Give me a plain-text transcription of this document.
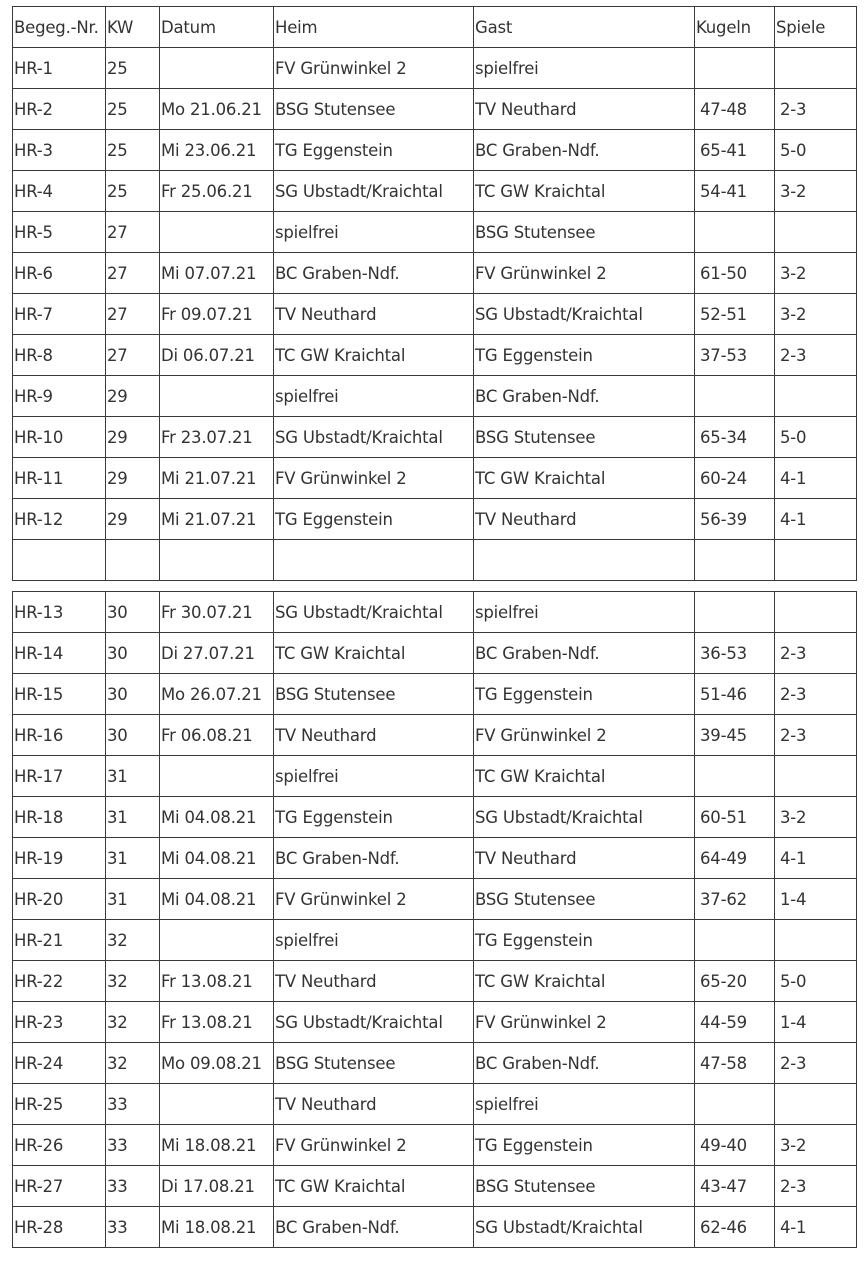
Begeg.-Nr.	KW	Datum	Heim	Gast	Kugeln	Spiele
HR-1	25		FV Grünwinkel 2	spielfrei		
HR-2	25	Mo 21.06.21	BSG Stutensee	TV Neuthard	47-48	2-3
HR-3	25	Mi 23.06.21	TG Eggenstein	BC Graben-Ndf.	65-41	5-0
HR-4	25	Fr 25.06.21	SG Ubstadt/Kraichtal	TC GW Kraichtal	54-41	3-2
HR-5	27		spielfrei	BSG Stutensee		
HR-6	27	Mi 07.07.21	BC Graben-Ndf.	FV Grünwinkel 2	61-50	3-2
HR-7	27	Fr 09.07.21	TV Neuthard	SG Ubstadt/Kraichtal	52-51	3-2
HR-8	27	Di 06.07.21	TC GW Kraichtal	TG Eggenstein	37-53	2-3
HR-9	29		spielfrei	BC Graben-Ndf.		
HR-10	29	Fr 23.07.21	SG Ubstadt/Kraichtal	BSG Stutensee	65-34	5-0
HR-11	29	Mi 21.07.21	FV Grünwinkel 2	TC GW Kraichtal	60-24	4-1
HR-12	29	Mi 21.07.21	TG Eggenstein	TV Neuthard	56-39	4-1

HR-13	30	Fr 30.07.21	SG Ubstadt/Kraichtal	spielfrei		
HR-14	30	Di 27.07.21	TC GW Kraichtal	BC Graben-Ndf.	36-53	2-3
HR-15	30	Mo 26.07.21	BSG Stutensee	TG Eggenstein	51-46	2-3
HR-16	30	Fr 06.08.21	TV Neuthard	FV Grünwinkel 2	39-45	2-3
HR-17	31		spielfrei	TC GW Kraichtal		
HR-18	31	Mi 04.08.21	TG Eggenstein	SG Ubstadt/Kraichtal	60-51	3-2
HR-19	31	Mi 04.08.21	BC Graben-Ndf.	TV Neuthard	64-49	4-1
HR-20	31	Mi 04.08.21	FV Grünwinkel 2	BSG Stutensee	37-62	1-4
HR-21	32		spielfrei	TG Eggenstein		
HR-22	32	Fr 13.08.21	TV Neuthard	TC GW Kraichtal	65-20	5-0
HR-23	32	Fr 13.08.21	SG Ubstadt/Kraichtal	FV Grünwinkel 2	44-59	1-4
HR-24	32	Mo 09.08.21	BSG Stutensee	BC Graben-Ndf.	47-58	2-3
HR-25	33		TV Neuthard	spielfrei		
HR-26	33	Mi 18.08.21	FV Grünwinkel 2	TG Eggenstein	49-40	3-2
HR-27	33	Di 17.08.21	TC GW Kraichtal	BSG Stutensee	43-47	2-3
HR-28	33	Mi 18.08.21	BC Graben-Ndf.	SG Ubstadt/Kraichtal	62-46	4-1
